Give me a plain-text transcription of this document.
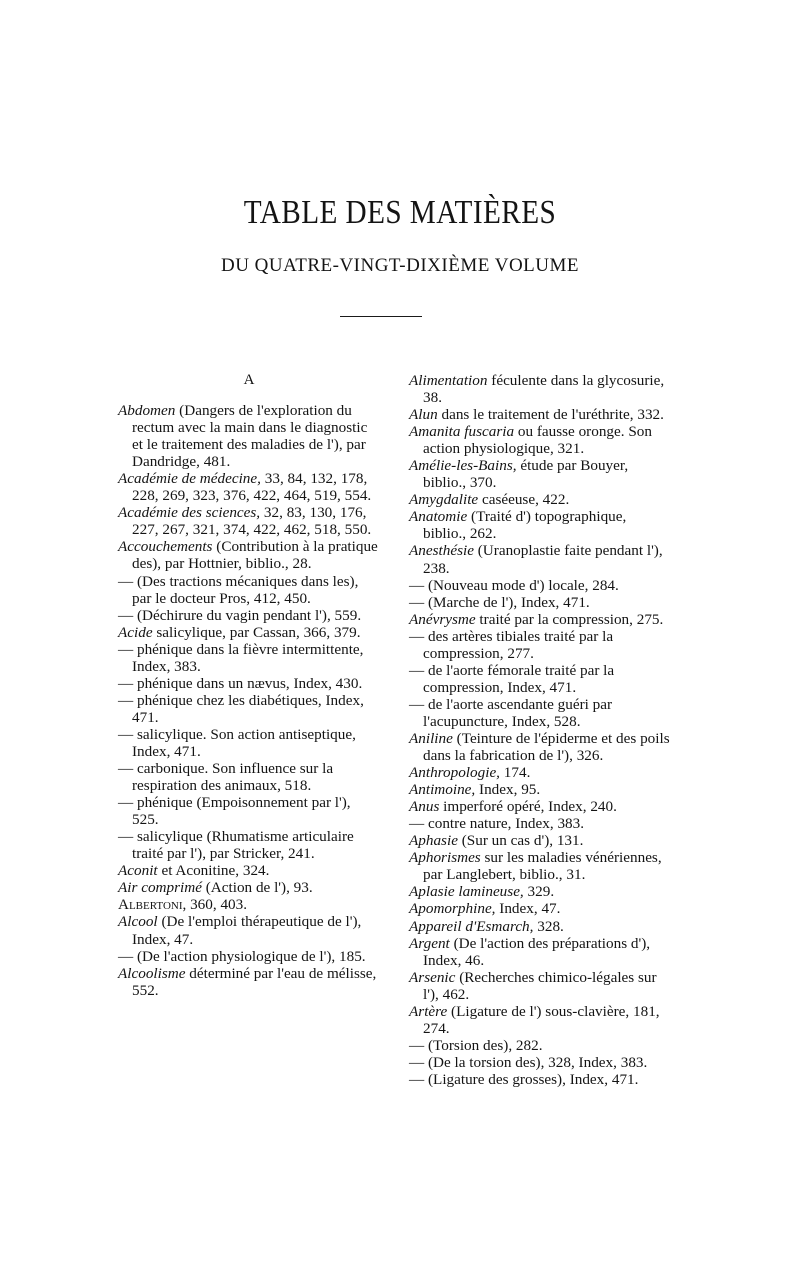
TABLE DES MATIÈRES
DU QUATRE-VINGT-DIXIÈME VOLUME
A
Abdomen (Dangers de l'exploration du rectum avec la main dans le diagnostic et le traitement des maladies de l'), par Dandridge, 481.
Académie de médecine, 33, 84, 132, 178, 228, 269, 323, 376, 422, 464, 519, 554.
Académie des sciences, 32, 83, 130, 176, 227, 267, 321, 374, 422, 462, 518, 550.
Accouchements (Contribution à la pratique des), par Hottnier, biblio., 28.
— (Des tractions mécaniques dans les), par le docteur Pros, 412, 450.
— (Déchirure du vagin pendant l'), 559.
Acide salicylique, par Cassan, 366, 379.
— phénique dans la fièvre intermittente, Index, 383.
— phénique dans un nævus, Index, 430.
— phénique chez les diabétiques, Index, 471.
— salicylique. Son action antiseptique, Index, 471.
— carbonique. Son influence sur la respiration des animaux, 518.
— phénique (Empoisonnement par l'), 525.
— salicylique (Rhumatisme articulaire traité par l'), par Stricker, 241.
Aconit et Aconitine, 324.
Air comprimé (Action de l'), 93.
Albertoni, 360, 403.
Alcool (De l'emploi thérapeutique de l'), Index, 47.
— (De l'action physiologique de l'), 185.
Alcoolisme déterminé par l'eau de mélisse, 552.
Alimentation féculente dans la glycosurie, 38.
Alun dans le traitement de l'uréthrite, 332.
Amanita fuscaria ou fausse oronge. Son action physiologique, 321.
Amélie-les-Bains, étude par Bouyer, biblio., 370.
Amygdalite caséeuse, 422.
Anatomie (Traité d') topographique, biblio., 262.
Anesthésie (Uranoplastie faite pendant l'), 238.
— (Nouveau mode d') locale, 284.
— (Marche de l'), Index, 471.
Anévrysme traité par la compression, 275.
— des artères tibiales traité par la compression, 277.
— de l'aorte fémorale traité par la compression, Index, 471.
— de l'aorte ascendante guéri par l'acupuncture, Index, 528.
Aniline (Teinture de l'épiderme et des poils dans la fabrication de l'), 326.
Anthropologie, 174.
Antimoine, Index, 95.
Anus imperforé opéré, Index, 240.
— contre nature, Index, 383.
Aphasie (Sur un cas d'), 131.
Aphorismes sur les maladies vénériennes, par Langlebert, biblio., 31.
Aplasie lamineuse, 329.
Apomorphine, Index, 47.
Appareil d'Esmarch, 328.
Argent (De l'action des préparations d'), Index, 46.
Arsenic (Recherches chimico-légales sur l'), 462.
Artère (Ligature de l') sous-clavière, 181, 274.
— (Torsion des), 282.
— (De la torsion des), 328, Index, 383.
— (Ligature des grosses), Index, 471.
